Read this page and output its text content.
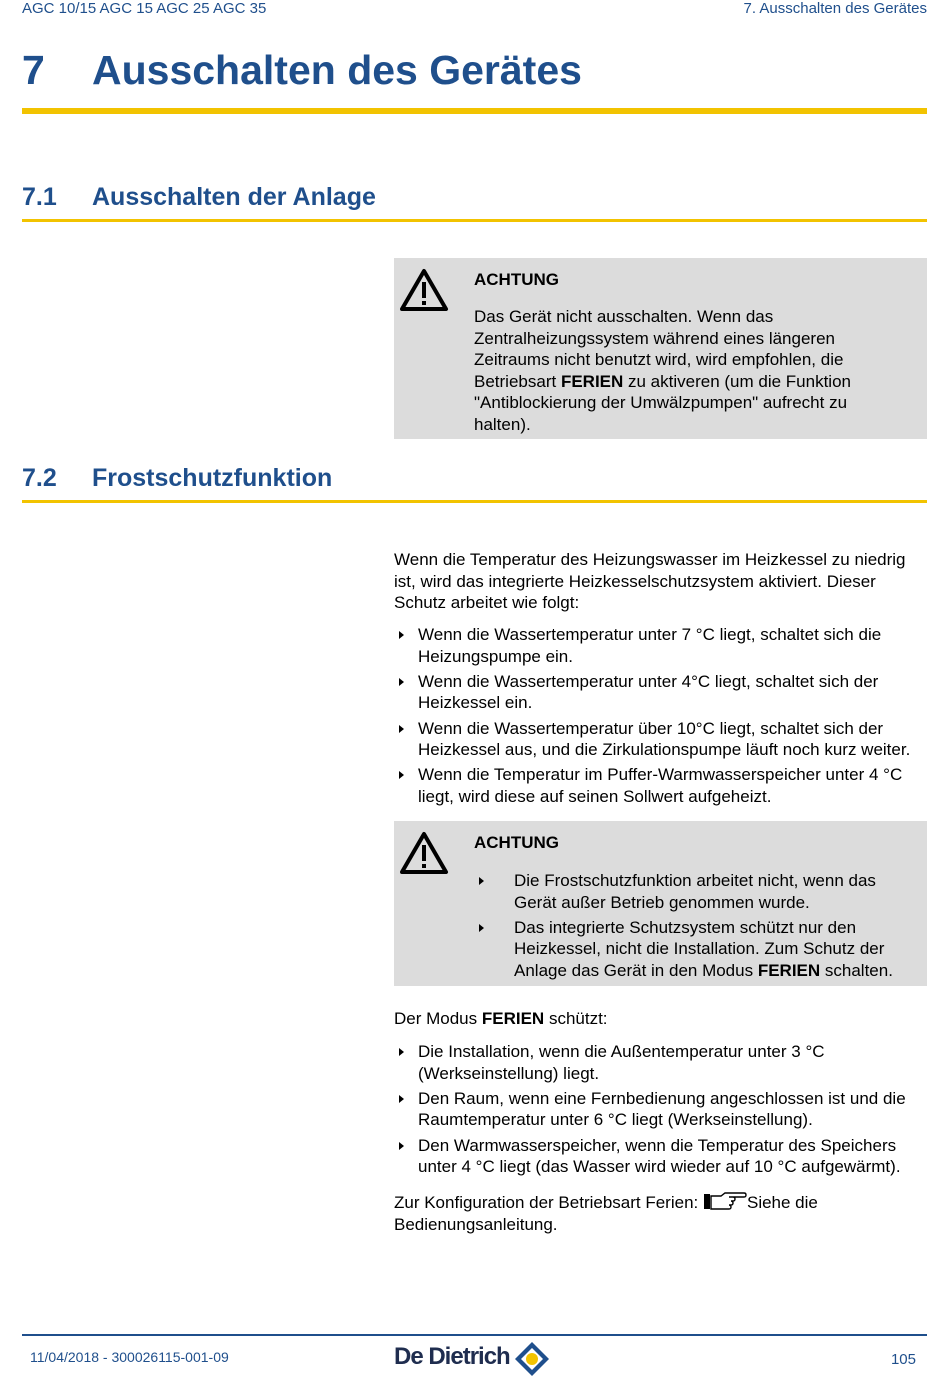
AGC 10/15 AGC 15 AGC 25 AGC 35	7. Ausschalten des Gerätes
7 Ausschalten des Gerätes
7.1 Ausschalten der Anlage
ACHTUNG
Das Gerät nicht ausschalten. Wenn das Zentralheizungssystem während eines längeren Zeitraums nicht benutzt wird, wird empfohlen, die Betriebsart FERIEN zu aktiveren (um die Funktion "Antiblockierung der Umwälzpumpen" aufrecht zu halten).
7.2 Frostschutzfunktion
Wenn die Temperatur des Heizungswasser im Heizkessel zu niedrig ist, wird das integrierte Heizkesselschutzsystem aktiviert. Dieser Schutz arbeitet wie folgt:
Wenn die Wassertemperatur unter 7 °C liegt, schaltet sich die Heizungspumpe ein.
Wenn die Wassertemperatur unter 4°C liegt, schaltet sich der Heizkessel ein.
Wenn die Wassertemperatur über 10°C liegt, schaltet sich der Heizkessel aus, und die Zirkulationspumpe läuft noch kurz weiter.
Wenn die Temperatur im Puffer-Warmwasserspeicher unter 4 °C liegt, wird diese auf seinen Sollwert aufgeheizt.
ACHTUNG
Die Frostschutzfunktion arbeitet nicht, wenn das Gerät außer Betrieb genommen wurde.
Das integrierte Schutzsystem schützt nur den Heizkessel, nicht die Installation. Zum Schutz der Anlage das Gerät in den Modus FERIEN schalten.
Der Modus FERIEN schützt:
Die Installation, wenn die Außentemperatur unter 3 °C (Werkseinstellung) liegt.
Den Raum, wenn eine Fernbedienung angeschlossen ist und die Raumtemperatur unter 6 °C liegt (Werkseinstellung).
Den Warmwasserspeicher, wenn die Temperatur des Speichers unter 4 °C liegt (das Wasser wird wieder auf 10 °C aufgewärmt).
Zur Konfiguration der Betriebsart Ferien:	Siehe die Bedienungsanleitung.
11/04/2018 - 300026115-001-09	De Dietrich	105
